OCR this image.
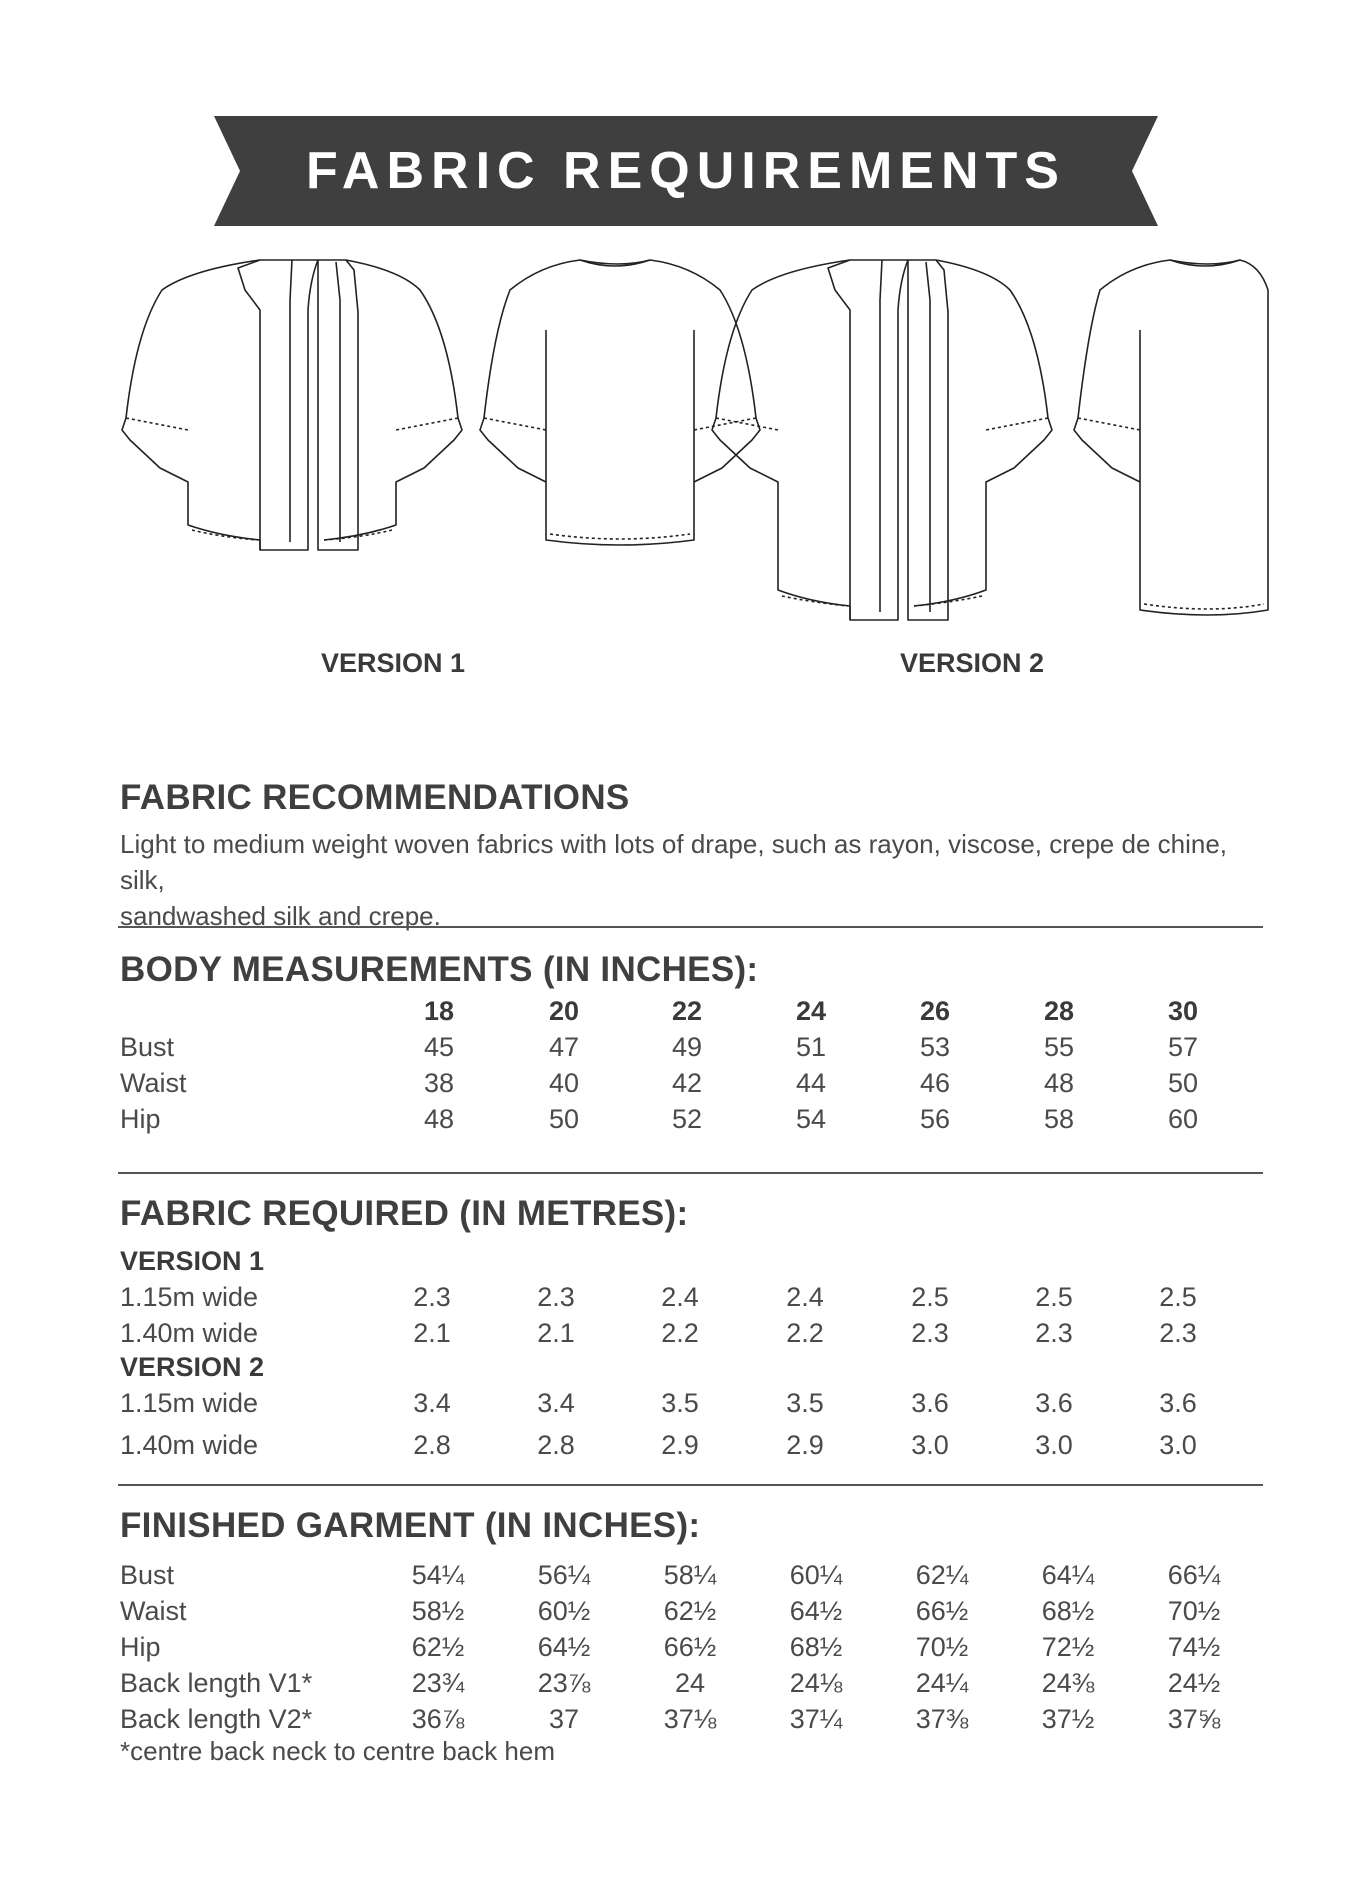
FABRIC REQUIREMENTS
VERSION 1	VERSION 2
FABRIC RECOMMENDATIONS
Light to medium weight woven fabrics with lots of drape, such as rayon, viscose, crepe de chine, silk,
sandwashed silk and crepe.
BODY MEASUREMENTS (IN INCHES):
18	20	22	24	26	28	30
Bust	45	47	49	51	53	55	57
Waist	38	40	42	44	46	48	50
Hip	48	50	52	54	56	58	60
FABRIC REQUIRED (IN METRES):
VERSION 1
1.15m wide	2.3	2.3	2.4	2.4	2.5	2.5	2.5
1.40m wide	2.1	2.1	2.2	2.2	2.3	2.3	2.3
VERSION 2
1.15m wide	3.4	3.4	3.5	3.5	3.6	3.6	3.6
1.40m wide	2.8	2.8	2.9	2.9	3.0	3.0	3.0
FINISHED GARMENT (IN INCHES):
Bust	54¼	56¼	58¼	60¼	62¼	64¼	66¼
Waist	58½	60½	62½	64½	66½	68½	70½
Hip	62½	64½	66½	68½	70½	72½	74½
Back length V1*	23¾	23⅞	24	24⅛	24¼	24⅜	24½
Back length V2*	36⅞	37	37⅛	37¼	37⅜	37½	37⅝
*centre back neck to centre back hem
